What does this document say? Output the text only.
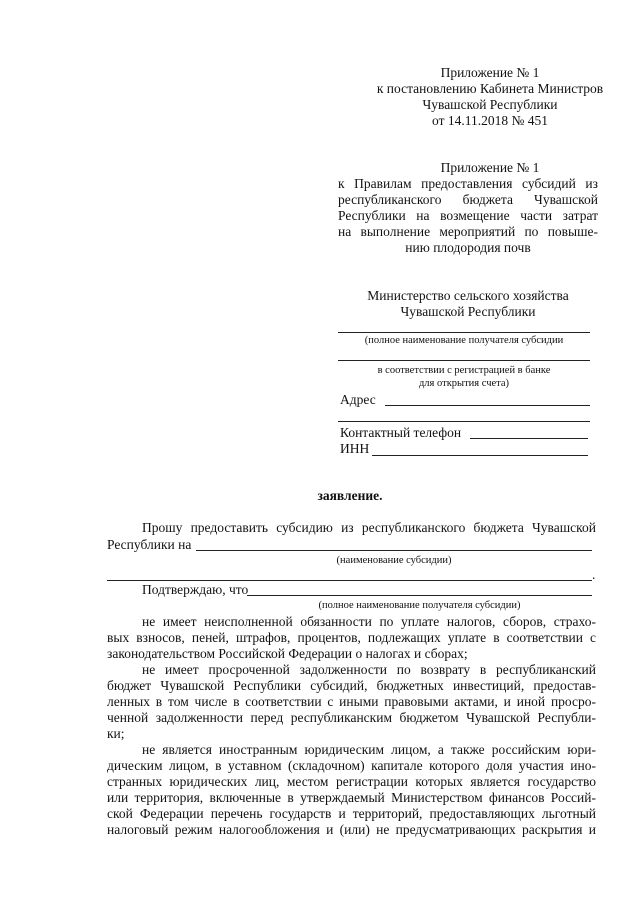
Приложение № 1
к постановлению Кабинета Министров
Чувашской Республики
от 14.11.2018 № 451
Приложение № 1
к Правилам предоставления субсидий из
республиканского бюджета Чувашской
Республики на возмещение части затрат
на выполнение мероприятий по повыше-
нию плодородия почв
Министерство сельского хозяйства
Чувашской Республики
(полное наименование получателя субсидии
в соответствии с регистрацией в банке
для открытия счета)
Адрес
Контактный телефон
ИНН
заявление.
Прошу предоставить субсидию из республиканского бюджета Чувашской
Республики на
(наименование субсидии)
.
Подтверждаю, что
(полное наименование получателя субсидии)
не имеет неисполненной обязанности по уплате налогов, сборов, страхо-
вых взносов, пеней, штрафов, процентов, подлежащих уплате в соответствии с
законодательством Российской Федерации о налогах и сборах;
не имеет просроченной задолженности по возврату в республиканский
бюджет Чувашской Республики субсидий, бюджетных инвестиций, предостав-
ленных в том числе в соответствии с иными правовыми актами, и иной просро-
ченной задолженности перед республиканским бюджетом Чувашской Республи-
ки;
не является иностранным юридическим лицом, а также российским юри-
дическим лицом, в уставном (складочном) капитале которого доля участия ино-
странных юридических лиц, местом регистрации которых является государство
или территория, включенные в утверждаемый Министерством финансов Россий-
ской Федерации перечень государств и территорий, предоставляющих льготный
налоговый режим налогообложения и (или) не предусматривающих раскрытия и
